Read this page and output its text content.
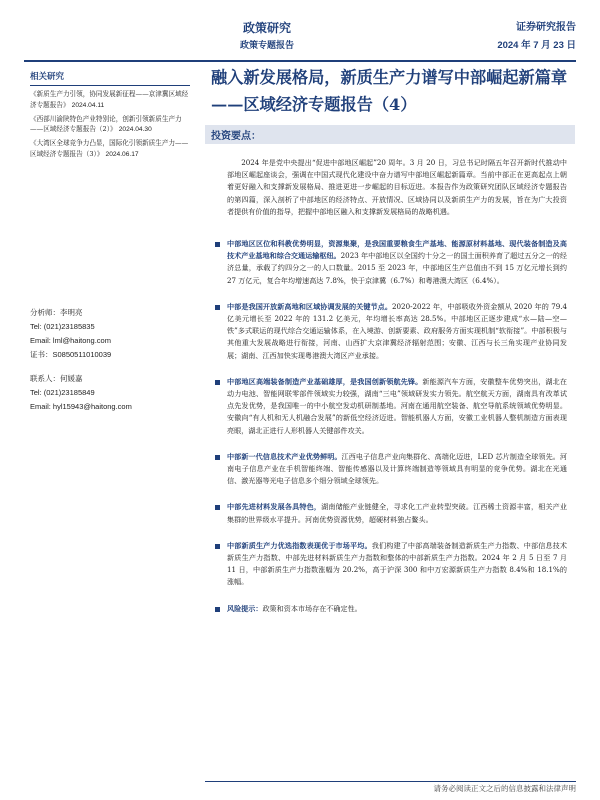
政策研究
政策专题报告
证券研究报告
2024 年 7 月 23 日
相关研究
《新质生产力引领，协同发展新征程——京津冀区域经济专题报告》 2024.04.11
《西部川渝陕特色产业特别论，创新引领新质生产力——区域经济专题报告（2）》 2024.04.30
《大湾区全球竞争力凸显，国际化引领新质生产力——区域经济专题报告（3）》 2024.06.17
分析师：李明亮
Tel: (021)23185835
Email: lml@haitong.com
证书：S0850511010039
联系人：何媛嘉
Tel: (021)23185849
Email: hyl15943@haitong.com
融入新发展格局，新质生产力谱写中部崛起新篇章——区域经济专题报告（4）
投资要点：

2024 年是党中央提出“促进中部地区崛起”20 周年。3 月 20 日，习总书记时隔五年召开新时代推动中部地区崛起座谈会，强调在中国式现代化建设中奋力谱写中部地区崛起新篇章。当前中部正在更高起点上朝着更好融入和支撑新发展格局、推进更进一步崛起的目标迈进。本报告作为政策研究团队区域经济专题报告的第四篇，深入剖析了中部地区的经济特点、开放情况、区域协同以及新质生产力的发展，旨在为广大投资者提供有价值的指导，把握中部地区融入和支撑新发展格局的战略机遇。

中部地区区位和科教优势明显，资源集聚，是我国重要粮食生产基地、能源原材料基地、现代装备制造及高技术产业基地和综合交通运输枢纽。2023 年中部地区以全国约十分之一的国土面积养育了超过五分之一的经济总量，承载了约四分之一的人口数量。2015 至 2023 年，中部地区生产总值由不到 15 万亿元增长到约 27 万亿元，复合年均增速高达 7.8%，快于京津冀（6.7%）和粤港澳大湾区（6.4%）。
中部是我国开放新高地和区域协调发展的关键节点。2020-2022 年，中部吸收外资金额从 2020 年的 79.4 亿美元增长至 2022 年的 131.2 亿美元，年均增长率高达 28.5%。中部地区正逐步建成“水—陆—空—铁”多式联运的现代综合交通运输体系，在入境游、创新要素、政府服务方面实现机制“软衔接”。中部积极与其他重大发展战略进行衔接，河南、山西扩大京津冀经济辐射范围；安徽、江西与长三角实现产业协同发展；湖南、江西加快实现粤港澳大湾区产业承接。
中部地区高端装备制造产业基础雄厚，是我国创新领航先锋。新能源汽车方面，安徽整车优势突出，湖北在动力电池、智能网联零部件领域实力较强，湖南“三电”领域研发实力领先。航空航天方面，湖南具有改革试点先发优势，是我国唯一的中小航空发动机研制基地。河南在通用航空装备、航空导航系统领域优势明显。安徽向“有人机和无人机融合发展”的新低空经济迈进。智能机器人方面，安徽工业机器人整机制造方面表现亮眼，湖北正进行人形机器人关键部件攻关。
中部新一代信息技术产业优势鲜明。江西电子信息产业向集群化、高端化迈进，LED 芯片制造全球领先。河南电子信息产业在手机智能终端、智能传感器以及计算终端制造等领域具有明显的竞争优势。湖北在光通信、激光器等光电子信息多个细分领域全球领先。
中部先进材料发展各具特色，湖南储能产业链健全，寻求化工产业转型突破。江西稀土资源丰富，相关产业集群的世界级水平提升。河南优势资源优势，超硬材料独占鳌头。
中部新质生产力优选指数表现优于市场平均。我们构建了中部高端装备制造新质生产力指数、中部信息技术新质生产力指数、中部先进材料新质生产力指数和整体的中部新质生产力指数。2024 年 2 月 5 日至 7 月 11 日，中部新质生产力指数涨幅为 20.2%，高于沪深 300 和中万宏源新质生产力指数 8.4%和 18.1%的涨幅。
风险提示：政策和资本市场存在不确定性。
请务必阅读正文之后的信息披露和法律声明
